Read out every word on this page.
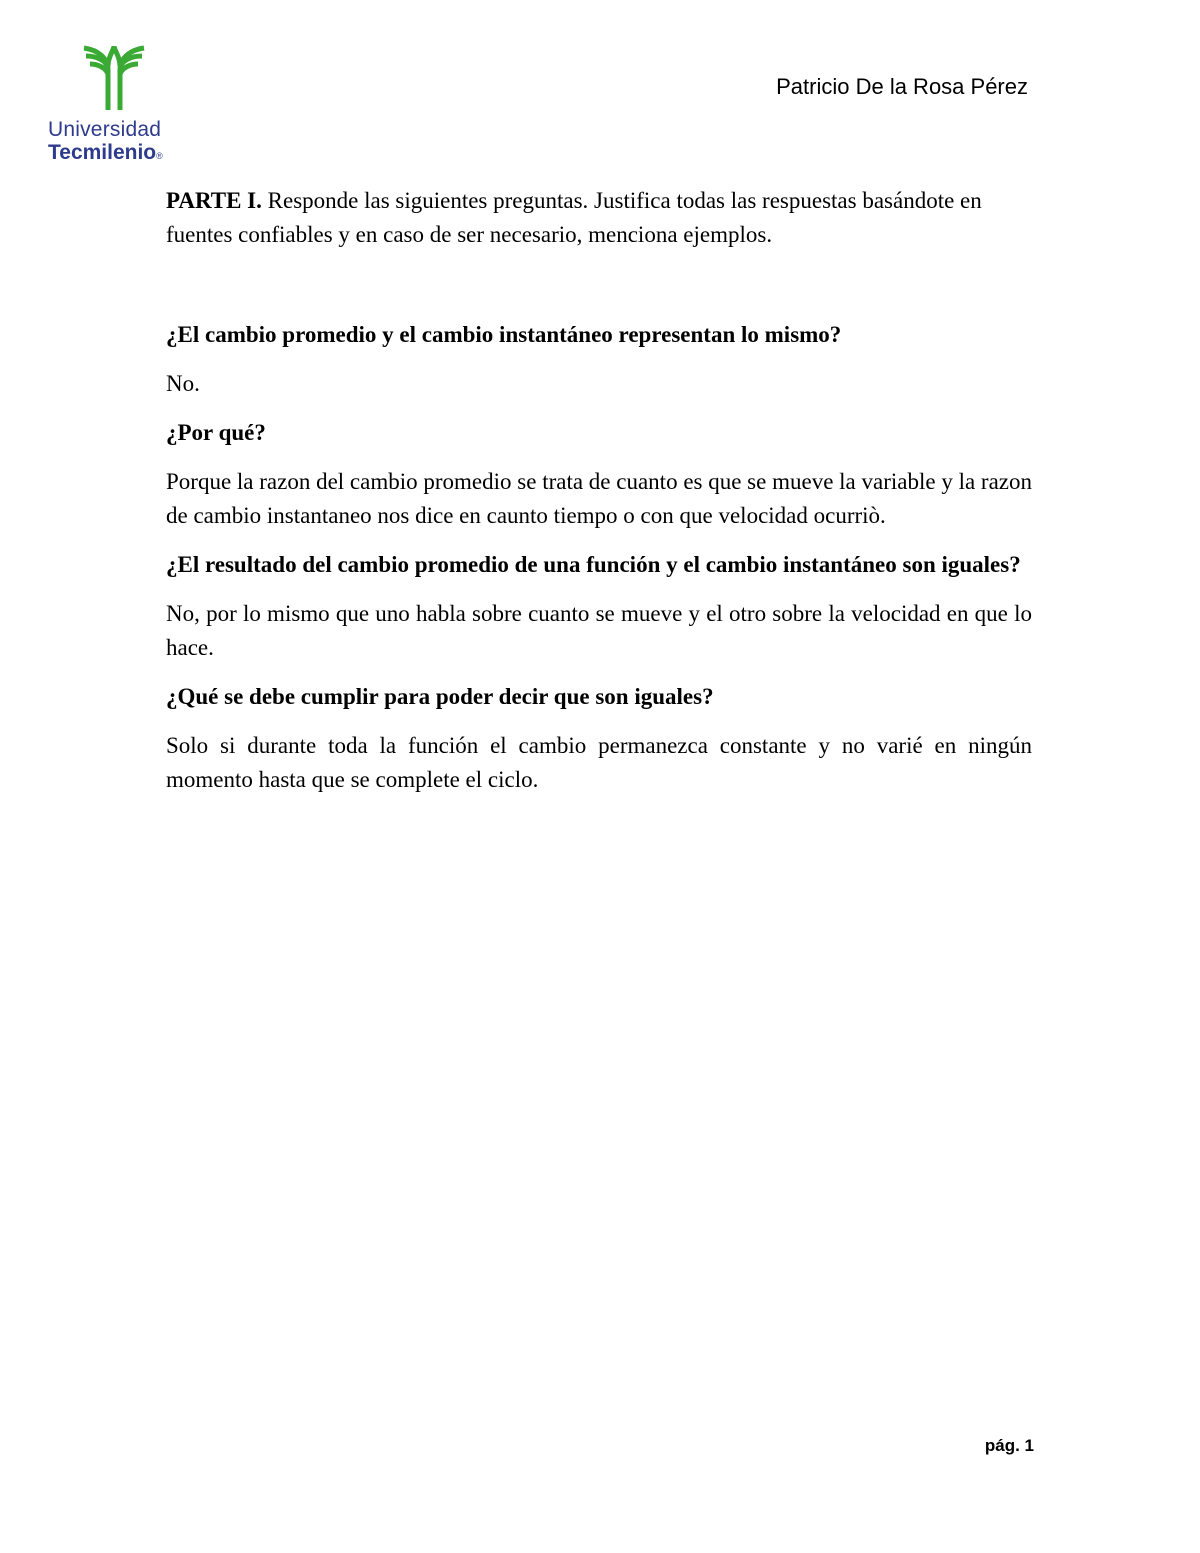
Universidad
Tecmilenio®
Patricio De la Rosa Pérez

PARTE I. Responde las siguientes preguntas. Justifica todas las respuestas basándote en fuentes confiables y en caso de ser necesario, menciona ejemplos.

¿El cambio promedio y el cambio instantáneo representan lo mismo?

No.

¿Por qué?

Porque la razon del cambio promedio se trata de cuanto es que se mueve la variable y la razon de cambio instantaneo nos dice en caunto tiempo o con que velocidad ocurriò.

¿El resultado del cambio promedio de una función y el cambio instantáneo son iguales?

No, por lo mismo que uno habla sobre cuanto se mueve y el otro sobre la velocidad en que lo hace.

¿Qué se debe cumplir para poder decir que son iguales?

Solo si durante toda la función el cambio permanezca constante y no varié en ningún momento hasta que se complete el ciclo.

pág. 1
